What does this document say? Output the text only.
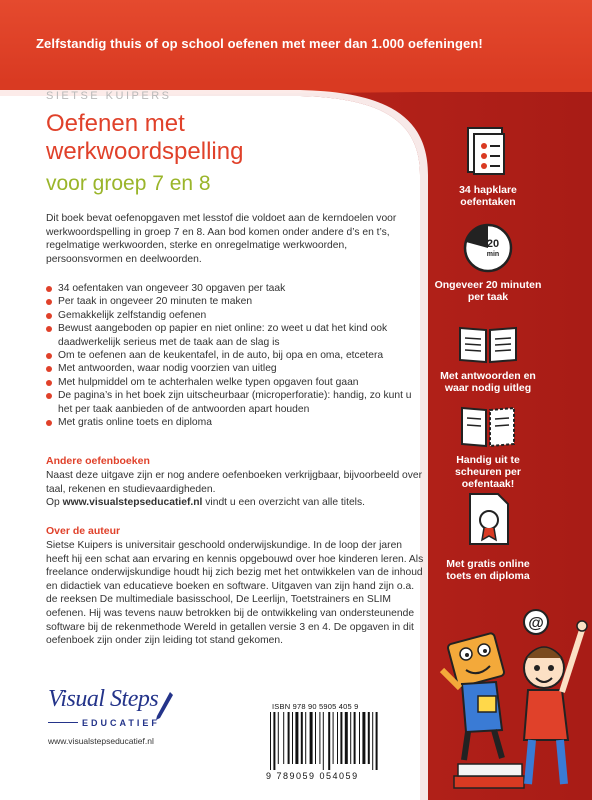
Zelfstandig thuis of op school oefenen met meer dan 1.000 oefeningen!
SIETSE KUIPERS
Oefenen met
werkwoordspelling
voor groep 7 en 8
Dit boek bevat oefenopgaven met lesstof die voldoet aan de kerndoelen voor werkwoordspelling in groep 7 en 8. Aan bod komen onder andere d’s en t’s, regelmatige werkwoorden, sterke en onregelmatige werkwoorden, persoonsvormen en deelwoorden.
34 oefentaken van ongeveer 30 opgaven per taak
Per taak in ongeveer 20 minuten te maken
Gemakkelijk zelfstandig oefenen
Bewust aangeboden op papier en niet online: zo weet u dat het kind ook daadwerkelijk serieus met de taak aan de slag is
Om te oefenen aan de keukentafel, in de auto, bij opa en oma, etcetera
Met antwoorden, waar nodig voorzien van uitleg
Met hulpmiddel om te achterhalen welke typen opgaven fout gaan
De pagina’s in het boek zijn uitscheurbaar (microperforatie): handig, zo kunt u het per taak aanbieden of de antwoorden apart houden
Met gratis online toets en diploma
Andere oefenboeken
Naast deze uitgave zijn er nog andere oefenboeken verkrijgbaar, bijvoorbeeld over taal, rekenen en studievaardigheden.
Op www.visualstepseducatief.nl vindt u een overzicht van alle titels.
Over de auteur
Sietse Kuipers is universitair geschoold onderwijskundige. In de loop der jaren heeft hij een schat aan ervaring en kennis opgebouwd over hoe kinderen leren. Als freelance onderwijskundige houdt hij zich bezig met het ontwikkelen van de inhoud en didactiek van educatieve boeken en software. Uitgaven van zijn hand zijn o.a. de reeksen De multimediale basisschool, De Leerlijn, Toetstrainers en SLIM oefenen. Hij was tevens nauw betrokken bij de ontwikkeling van ondersteunende software bij de rekenmethode Wereld in getallen versie 3 en 4. De opgaven in dit oefenboek zijn onder zijn leiding tot stand gekomen.
Visual Steps
EDUCATIEF
www.visualstepseducatief.nl
ISBN 978 90 5905 405 9
9 789059 054059
34 hapklare oefentaken
20
min
Ongeveer 20 minuten per taak
Met antwoorden en waar nodig uitleg
Handig uit te scheuren per oefentaak!
Met gratis online toets en diploma
@
